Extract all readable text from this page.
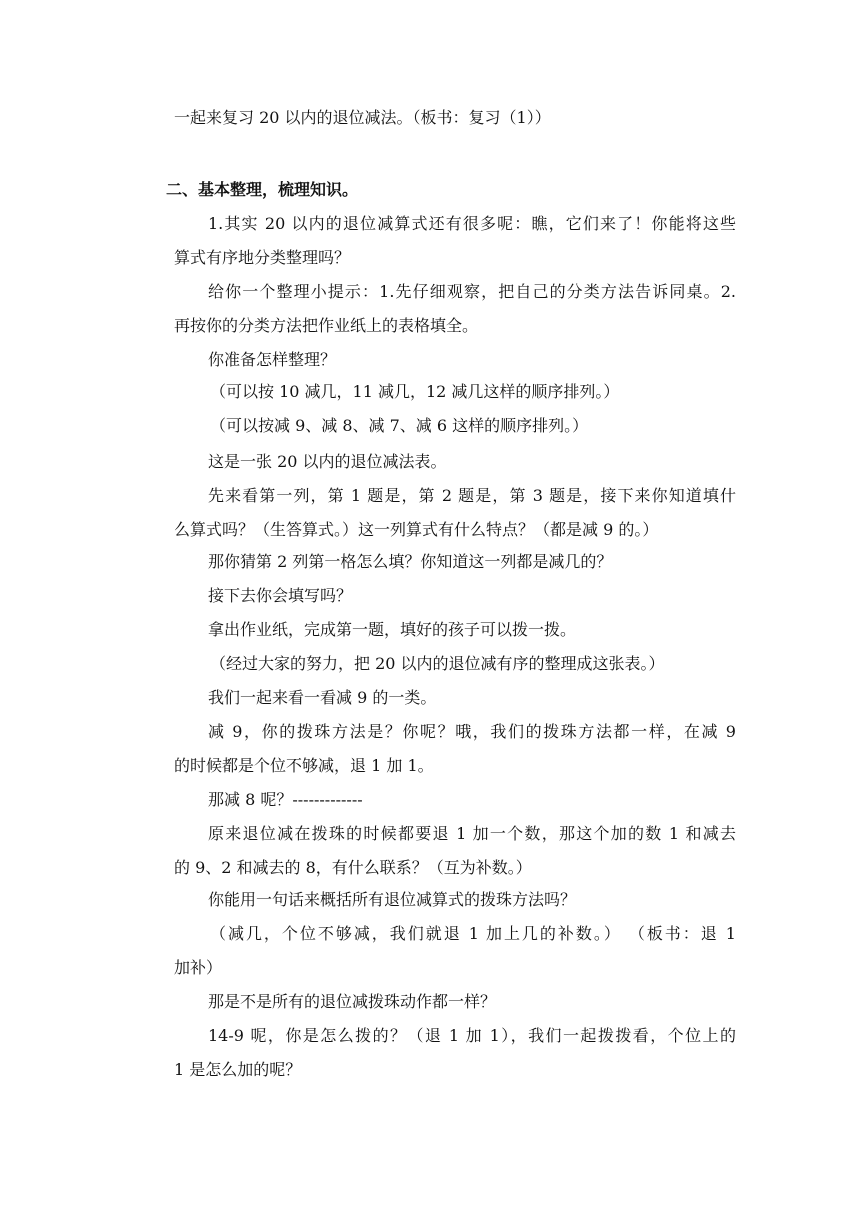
一起来复习 20 以内的退位减法。（板书：复习（1））
二、基本整理，梳理知识。
1.其实 20 以内的退位减算式还有很多呢：瞧，它们来了！你能将这些
算式有序地分类整理吗？
给你一个整理小提示：1.先仔细观察，把自己的分类方法告诉同桌。2.
再按你的分类方法把作业纸上的表格填全。
你准备怎样整理？
（可以按 10 减几，11 减几，12 减几这样的顺序排列。）
（可以按减 9、减 8、减 7、减 6 这样的顺序排列。）
这是一张 20 以内的退位减法表。
先来看第一列，第 1 题是，第 2 题是，第 3 题是，接下来你知道填什
么算式吗？（生答算式。）这一列算式有什么特点？（都是减 9 的。）
那你猜第 2 列第一格怎么填？你知道这一列都是减几的？
接下去你会填写吗？
拿出作业纸，完成第一题，填好的孩子可以拨一拨。
（经过大家的努力，把 20 以内的退位减有序的整理成这张表。）
我们一起来看一看减 9 的一类。
减 9，你的拨珠方法是？你呢？哦，我们的拨珠方法都一样，在减 9
的时候都是个位不够减，退 1 加 1。
那减 8 呢？-------------
原来退位减在拨珠的时候都要退 1 加一个数，那这个加的数 1 和减去
的 9、2 和减去的 8，有什么联系？（互为补数。）
你能用一句话来概括所有退位减算式的拨珠方法吗？
（减几，个位不够减，我们就退 1 加上几的补数。） （板书：退 1
加补）
那是不是所有的退位减拨珠动作都一样？
14-9 呢，你是怎么拨的？（退 1 加 1），我们一起拨拨看，个位上的
1 是怎么加的呢？
